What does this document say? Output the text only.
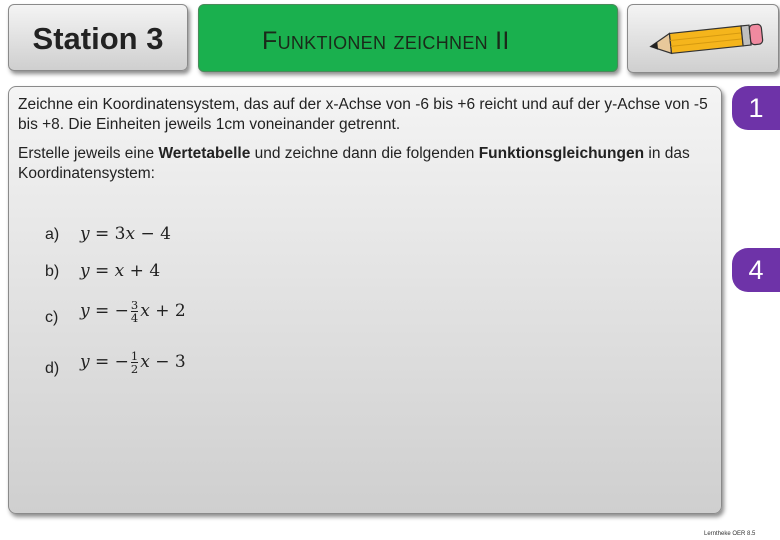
Station 3	Funktionen zeichnen II
Zeichne ein Koordinatensystem, das auf der x-Achse von -6 bis +6 reicht und auf der y-Achse von -5 bis +8. Die Einheiten jeweils 1cm voneinander getrennt.
Erstelle jeweils eine Wertetabelle und zeichne dann die folgenden Funktionsgleichungen in das Koordinatensystem:
a)	y = 3x − 4
b)	y = x + 4
c)	y = − $\frac{3}{4}$ x + 2
d)	y = − $\frac{1}{2}$ x − 3
1
4
Lerntheke OER 8.5
